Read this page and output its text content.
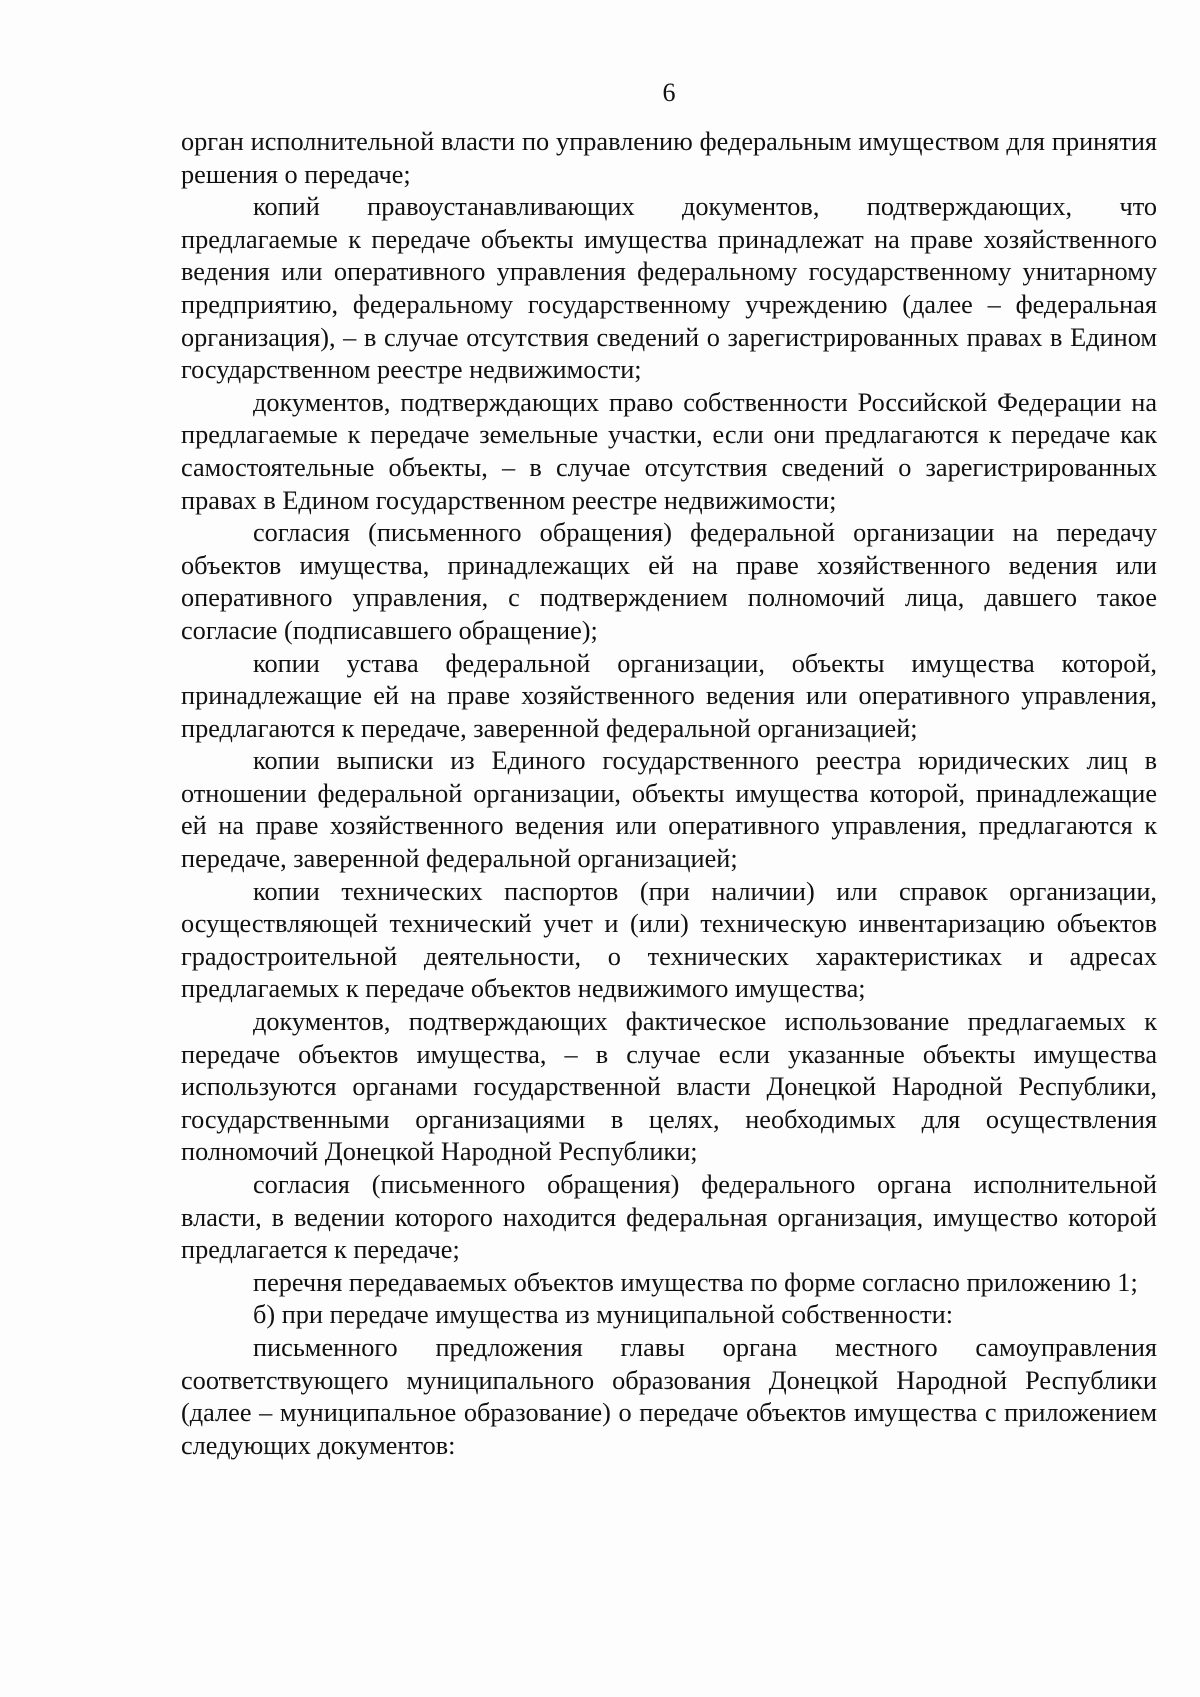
6

орган исполнительной власти по управлению федеральным имуществом для принятия решения о передаче;

копий правоустанавливающих документов, подтверждающих, что предлагаемые к передаче объекты имущества принадлежат на праве хозяйственного ведения или оперативного управления федеральному государственному унитарному предприятию, федеральному государственному учреждению (далее – федеральная организация), – в случае отсутствия сведений о зарегистрированных правах в Едином государственном реестре недвижимости;

документов, подтверждающих право собственности Российской Федерации на предлагаемые к передаче земельные участки, если они предлагаются к передаче как самостоятельные объекты, – в случае отсутствия сведений о зарегистрированных правах в Едином государственном реестре недвижимости;

согласия (письменного обращения) федеральной организации на передачу объектов имущества, принадлежащих ей на праве хозяйственного ведения или оперативного управления, с подтверждением полномочий лица, давшего такое согласие (подписавшего обращение);

копии устава федеральной организации, объекты имущества которой, принадлежащие ей на праве хозяйственного ведения или оперативного управления, предлагаются к передаче, заверенной федеральной организацией;

копии выписки из Единого государственного реестра юридических лиц в отношении федеральной организации, объекты имущества которой, принадлежащие ей на праве хозяйственного ведения или оперативного управления, предлагаются к передаче, заверенной федеральной организацией;

копии технических паспортов (при наличии) или справок организации, осуществляющей технический учет и (или) техническую инвентаризацию объектов градостроительной деятельности, о технических характеристиках и адресах предлагаемых к передаче объектов недвижимого имущества;

документов, подтверждающих фактическое использование предлагаемых к передаче объектов имущества, – в случае если указанные объекты имущества используются органами государственной власти Донецкой Народной Республики, государственными организациями в целях, необходимых для осуществления полномочий Донецкой Народной Республики;

согласия (письменного обращения) федерального органа исполнительной власти, в ведении которого находится федеральная организация, имущество которой предлагается к передаче;

перечня передаваемых объектов имущества по форме согласно приложению 1;

б) при передаче имущества из муниципальной собственности:

письменного предложения главы органа местного самоуправления соответствующего муниципального образования Донецкой Народной Республики (далее – муниципальное образование) о передаче объектов имущества с приложением следующих документов:
